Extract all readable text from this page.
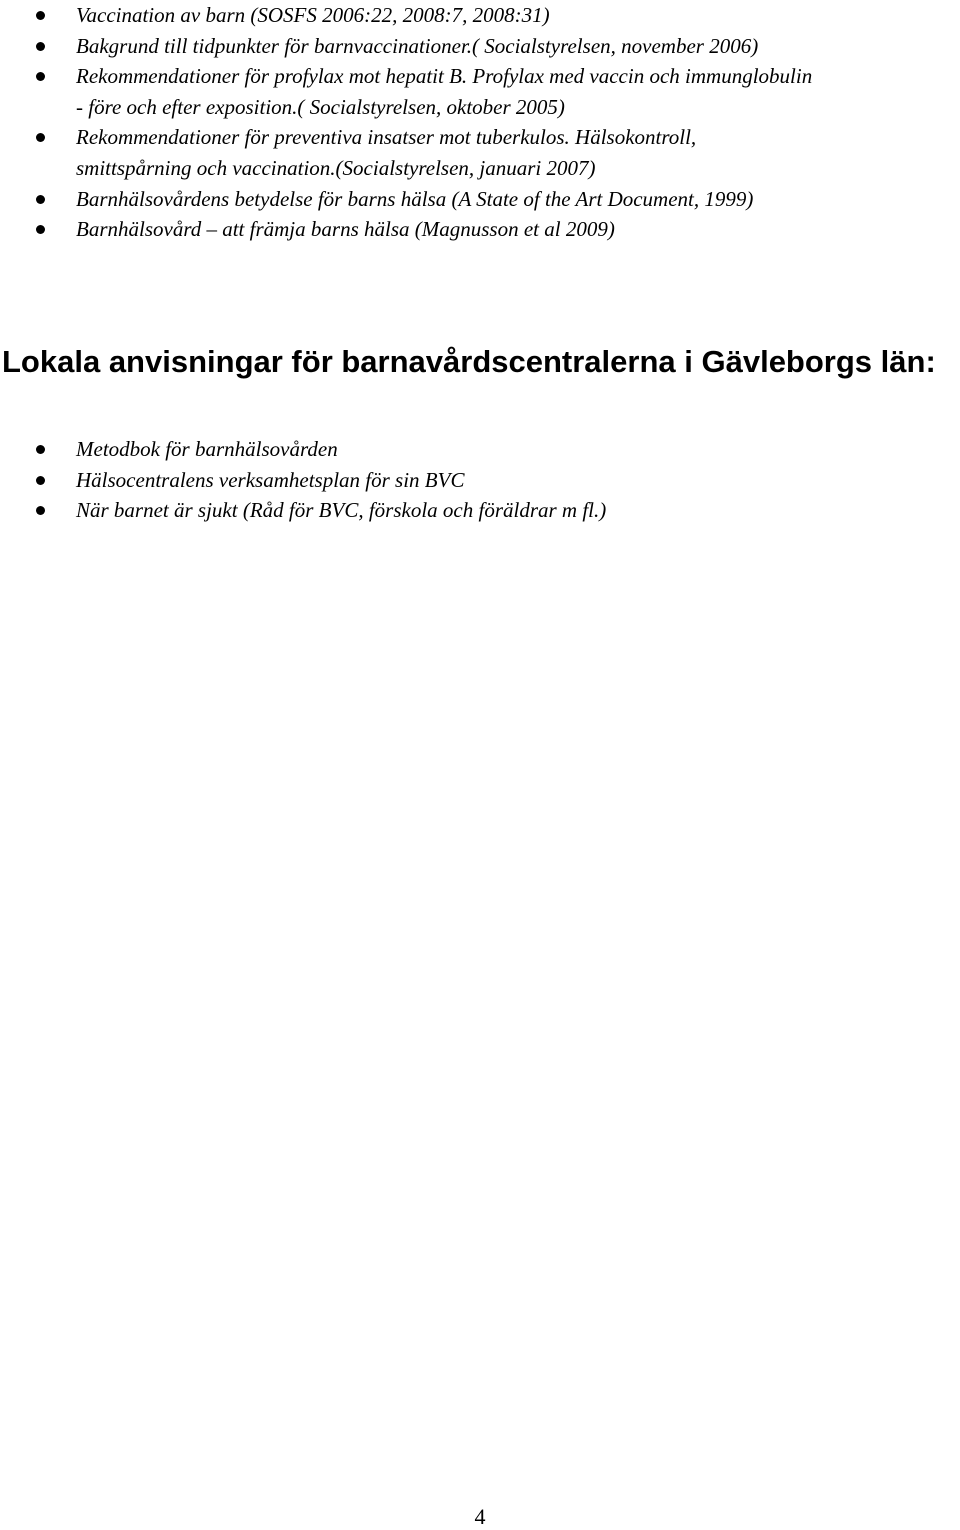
Vaccination av barn (SOSFS 2006:22, 2008:7, 2008:31)
Bakgrund till tidpunkter för barnvaccinationer.( Socialstyrelsen, november 2006)
Rekommendationer för profylax mot hepatit B. Profylax med vaccin och immunglobulin
- före och efter exposition.( Socialstyrelsen, oktober 2005)
Rekommendationer för preventiva insatser mot tuberkulos. Hälsokontroll,
smittspårning och vaccination.(Socialstyrelsen, januari 2007)
Barnhälsovårdens betydelse för barns hälsa (A State of the Art Document, 1999)
Barnhälsovård – att främja barns hälsa (Magnusson et al 2009)
Lokala anvisningar för barnavårdscentralerna i Gävleborgs län:
Metodbok för barnhälsovården
Hälsocentralens verksamhetsplan för sin BVC
När barnet är sjukt (Råd för BVC, förskola och föräldrar m fl.)
4
